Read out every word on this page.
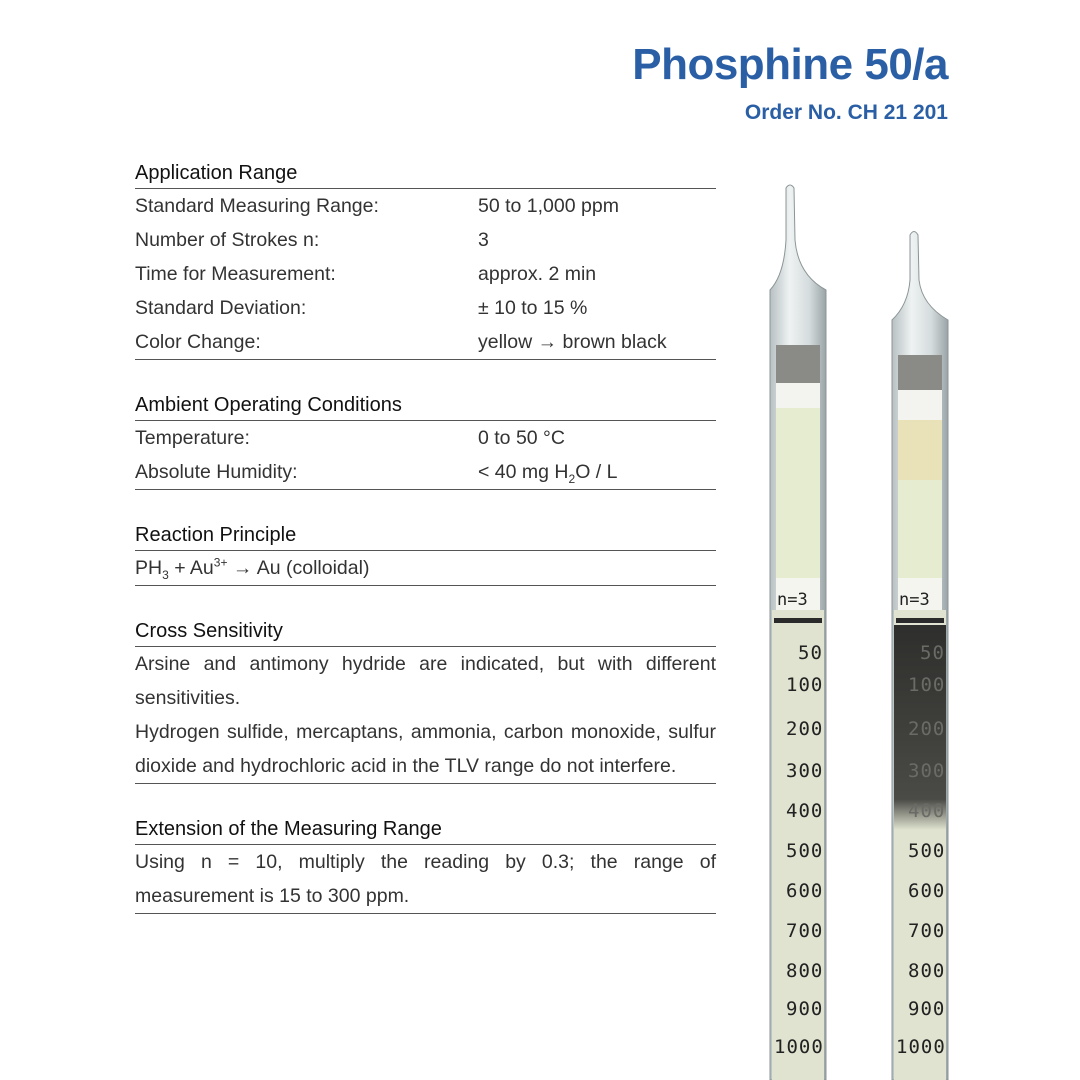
Phosphine 50/a
Order No. CH 21 201
Application Range
Standard Measuring Range:	50 to 1,000 ppm
Number of Strokes n:	3
Time for Measurement:	approx. 2 min
Standard Deviation:	± 10 to 15 %
Color Change:	yellow → brown black
Ambient Operating Conditions
Temperature:	0 to 50 °C
Absolute Humidity:	< 40 mg $H_2O$ / L
Reaction Principle
$PH_3 + Au^{3+} \to Au$ (colloidal)
Cross Sensitivity

Arsine and antimony hydride are indicated, but with different sensitivities.

Hydrogen sulfide, mercaptans, ammonia, carbon monoxide, sulfur dioxide and hydrochloric acid in the TLV range do not interfere.

Extension of the Measuring Range

Using n = 10, multiply the reading by 0.3; the range of measurement is 15 to 300 ppm.

n=3
50
100
200
300
400
500
600
700
800
900
1000
n=3
50
100
200
300
400
500
600
700
800
900
1000
